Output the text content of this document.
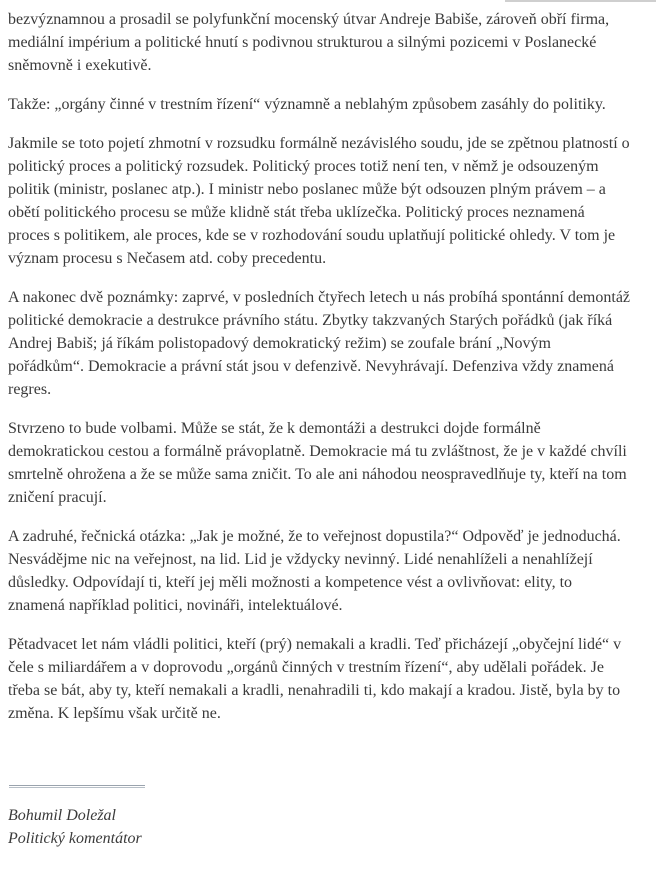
bezvýznamnou a prosadil se polyfunkční mocenský útvar Andreje Babiše, zároveň obří firma, mediální impérium a politické hnutí s podivnou strukturou a silnými pozicemi v Poslanecké sněmovně i exekutivě.

Takže: „orgány činné v trestním řízení“ významně a neblahým způsobem zasáhly do politiky.

Jakmile se toto pojetí zhmotní v rozsudku formálně nezávislého soudu, jde se zpětnou platností o politický proces a politický rozsudek. Politický proces totiž není ten, v němž je odsouzeným politik (ministr, poslanec atp.). I ministr nebo poslanec může být odsouzen plným právem – a obětí politického procesu se může klidně stát třeba uklízečka. Politický proces neznamená proces s politikem, ale proces, kde se v rozhodování soudu uplatňují politické ohledy. V tom je význam procesu s Nečasem atd. coby precedentu.

A nakonec dvě poznámky: zaprvé, v posledních čtyřech letech u nás probíhá spontánní demontáž politické demokracie a destrukce právního státu. Zbytky takzvaných Starých pořádků (jak říká Andrej Babiš; já říkám polistopadový demokratický režim) se zoufale brání „Novým pořádkům“. Demokracie a právní stát jsou v defenzivě. Nevyhrávají. Defenziva vždy znamená regres.

Stvrzeno to bude volbami. Může se stát, že k demontáži a destrukci dojde formálně demokratickou cestou a formálně právoplatně. Demokracie má tu zvláštnost, že je v každé chvíli smrtelně ohrožena a že se může sama zničit. To ale ani náhodou neospravedlňuje ty, kteří na tom zničení pracují.

A zadruhé, řečnická otázka: „Jak je možné, že to veřejnost dopustila?“ Odpověď je jednoduchá. Nesvádějme nic na veřejnost, na lid. Lid je vždycky nevinný. Lidé nenahlíželi a nenahlížejí důsledky. Odpovídají ti, kteří jej měli možnosti a kompetence vést a ovlivňovat: elity, to znamená například politici, novináři, intelektuálové.

Pětadvacet let nám vládli politici, kteří (prý) nemakali a kradli. Teď přicházejí „obyčejní lidé“ v čele s miliardářem a v doprovodu „orgánů činných v trestním řízení“, aby udělali pořádek. Je třeba se bát, aby ty, kteří nemakali a kradli, nenahradili ti, kdo makají a kradou. Jistě, byla by to změna. K lepšímu však určitě ne.

Bohumil Doležal
Politický komentátor
